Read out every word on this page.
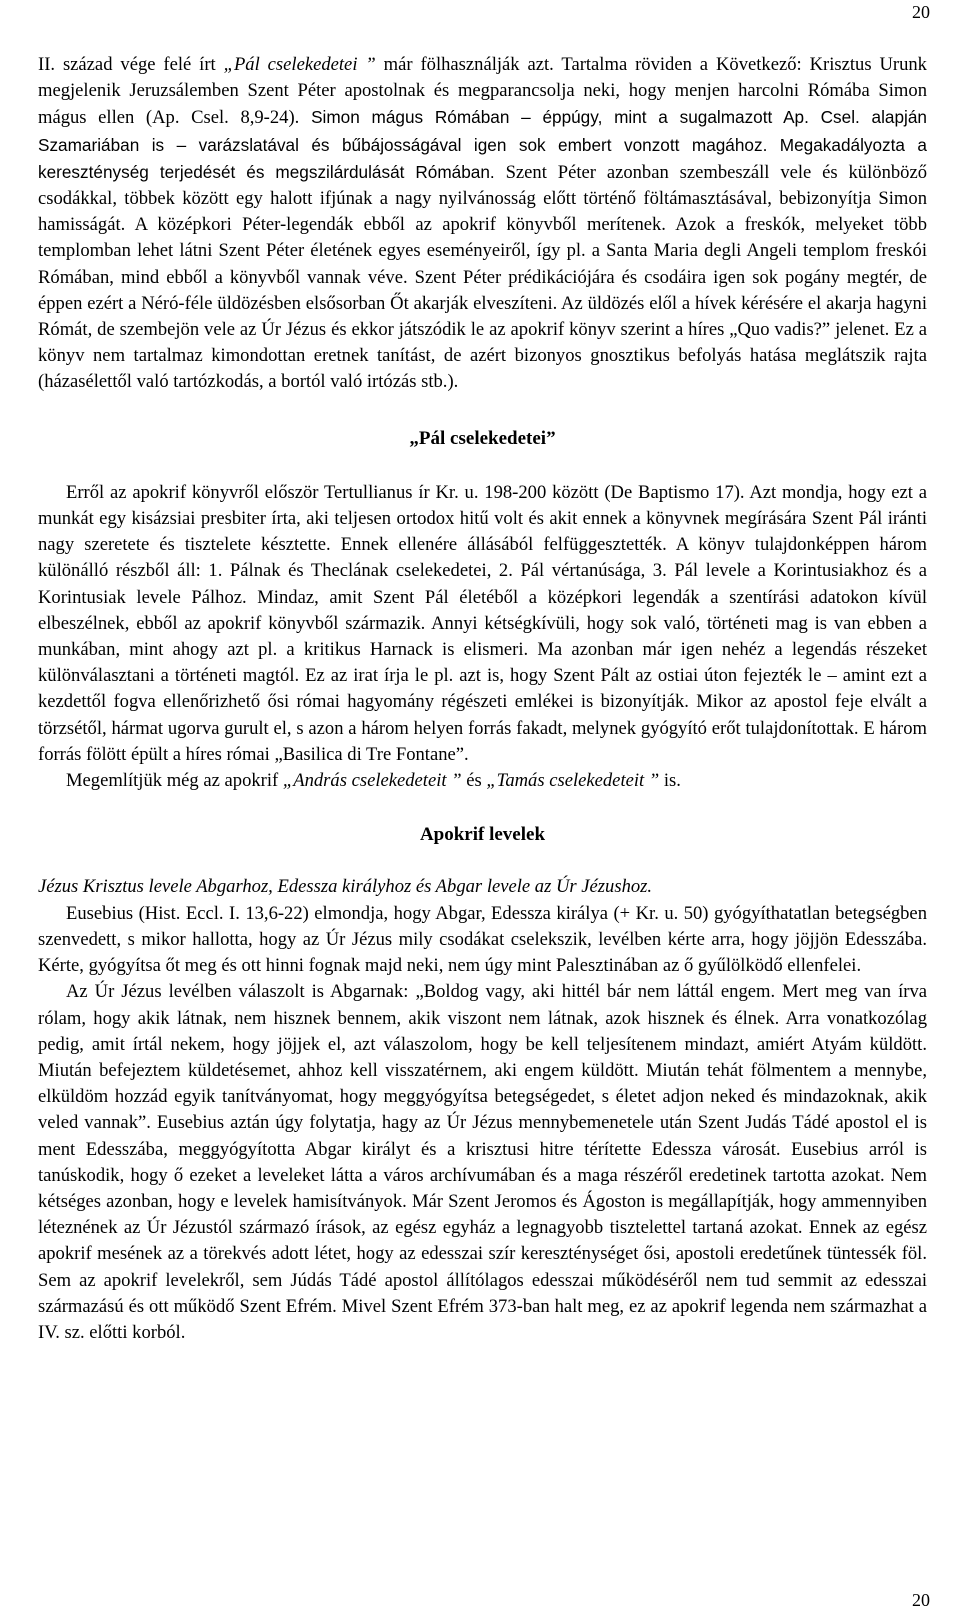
20

II. század vége felé írt „Pál cselekedetei ” már fölhasználják azt. Tartalma röviden a Következő: Krisztus Urunk megjelenik Jeruzsálemben Szent Péter apostolnak és megparancsolja neki, hogy menjen harcolni Rómába Simon mágus ellen (Ap. Csel. 8,9-24). Simon mágus Rómában – éppúgy, mint a sugalmazott Ap. Csel. alapján Szamariában is – varázslatával és bűbájosságával igen sok embert vonzott magához. Megakadályozta a kereszténység terjedését és megszilárdulását Rómában. Szent Péter azonban szembeszáll vele és különböző csodákkal, többek között egy halott ifjúnak a nagy nyilvánosság előtt történő föltámasztásával, bebizonyítja Simon hamisságát. A középkori Péter-legendák ebből az apokrif könyvből merítenek. Azok a freskók, melyeket több templomban lehet látni Szent Péter életének egyes eseményeiről, így pl. a Santa Maria degli Angeli templom freskói Rómában, mind ebből a könyvből vannak véve. Szent Péter prédikációjára és csodáira igen sok pogány megtér, de éppen ezért a Néró-féle üldözésben elsősorban Őt akarják elveszíteni. Az üldözés elől a hívek kérésére el akarja hagyni Rómát, de szembejön vele az Úr Jézus és ekkor játszódik le az apokrif könyv szerint a híres „Quo vadis?” jelenet. Ez a könyv nem tartalmaz kimondottan eretnek tanítást, de azért bizonyos gnosztikus befolyás hatása meglátszik rajta (házasélettől való tartózkodás, a bortól való irtózás stb.).

„Pál cselekedetei”

Erről az apokrif könyvről először Tertullianus ír Kr. u. 198-200 között (De Baptismo 17). Azt mondja, hogy ezt a munkát egy kisázsiai presbiter írta, aki teljesen ortodox hitű volt és akit ennek a könyvnek megírására Szent Pál iránti nagy szeretete és tisztelete késztette. Ennek ellenére állásából felfüggesztették. A könyv tulajdonképpen három különálló részből áll: 1. Pálnak és Theclának cselekedetei, 2. Pál vértanúsága, 3. Pál levele a Korintusiakhoz és a Korintusiak levele Pálhoz. Mindaz, amit Szent Pál életéből a középkori legendák a szentírási adatokon kívül elbeszélnek, ebből az apokrif könyvből származik. Annyi kétségkívüli, hogy sok való, történeti mag is van ebben a munkában, mint ahogy azt pl. a kritikus Harnack is elismeri. Ma azonban már igen nehéz a legendás részeket különválasztani a történeti magtól. Ez az irat írja le pl. azt is, hogy Szent Pált az ostiai úton fejezték le – amint ezt a kezdettől fogva ellenőrizhető ősi római hagyomány régészeti emlékei is bizonyítják. Mikor az apostol feje elvált a törzsétől, hármat ugorva gurult el, s azon a három helyen forrás fakadt, melynek gyógyító erőt tulajdonítottak. E három forrás fölött épült a híres római „Basilica di Tre Fontane”.

Megemlítjük még az apokrif „András cselekedeteit ” és „Tamás cselekedeteit ” is.

Apokrif levelek

Jézus Krisztus levele Abgarhoz, Edessza királyhoz és Abgar levele az Úr Jézushoz.

Eusebius (Hist. Eccl. I. 13,6-22) elmondja, hogy Abgar, Edessza királya (+ Kr. u. 50) gyógyíthatatlan betegségben szenvedett, s mikor hallotta, hogy az Úr Jézus mily csodákat cselekszik, levélben kérte arra, hogy jöjjön Edesszába. Kérte, gyógyítsa őt meg és ott hinni fognak majd neki, nem úgy mint Palesztinában az ő gyűlölködő ellenfelei.

Az Úr Jézus levélben válaszolt is Abgarnak: „Boldog vagy, aki hittél bár nem láttál engem. Mert meg van írva rólam, hogy akik látnak, nem hisznek bennem, akik viszont nem látnak, azok hisznek és élnek. Arra vonatkozólag pedig, amit írtál nekem, hogy jöjjek el, azt válaszolom, hogy be kell teljesítenem mindazt, amiért Atyám küldött. Miután befejeztem küldetésemet, ahhoz kell visszatérnem, aki engem küldött. Miután tehát fölmentem a mennybe, elküldöm hozzád egyik tanítványomat, hogy meggyógyítsa betegségedet, s életet adjon neked és mindazoknak, akik veled vannak”. Eusebius aztán úgy folytatja, hagy az Úr Jézus mennybemenetele után Szent Judás Tádé apostol el is ment Edesszába, meggyógyította Abgar királyt és a krisztusi hitre térítette Edessza városát. Eusebius arról is tanúskodik, hogy ő ezeket a leveleket látta a város archívumában és a maga részéről eredetinek tartotta azokat. Nem kétséges azonban, hogy e levelek hamisítványok. Már Szent Jeromos és Ágoston is megállapítják, hogy ammennyiben léteznének az Úr Jézustól származó írások, az egész egyház a legnagyobb tisztelettel tartaná azokat. Ennek az egész apokrif mesének az a törekvés adott létet, hogy az edesszai szír kereszténységet ősi, apostoli eredetűnek tüntessék föl. Sem az apokrif levelekről, sem Júdás Tádé apostol állítólagos edesszai működéséről nem tud semmit az edesszai származású és ott működő Szent Efrém. Mivel Szent Efrém 373-ban halt meg, ez az apokrif legenda nem származhat a IV. sz. előtti korból.

20
